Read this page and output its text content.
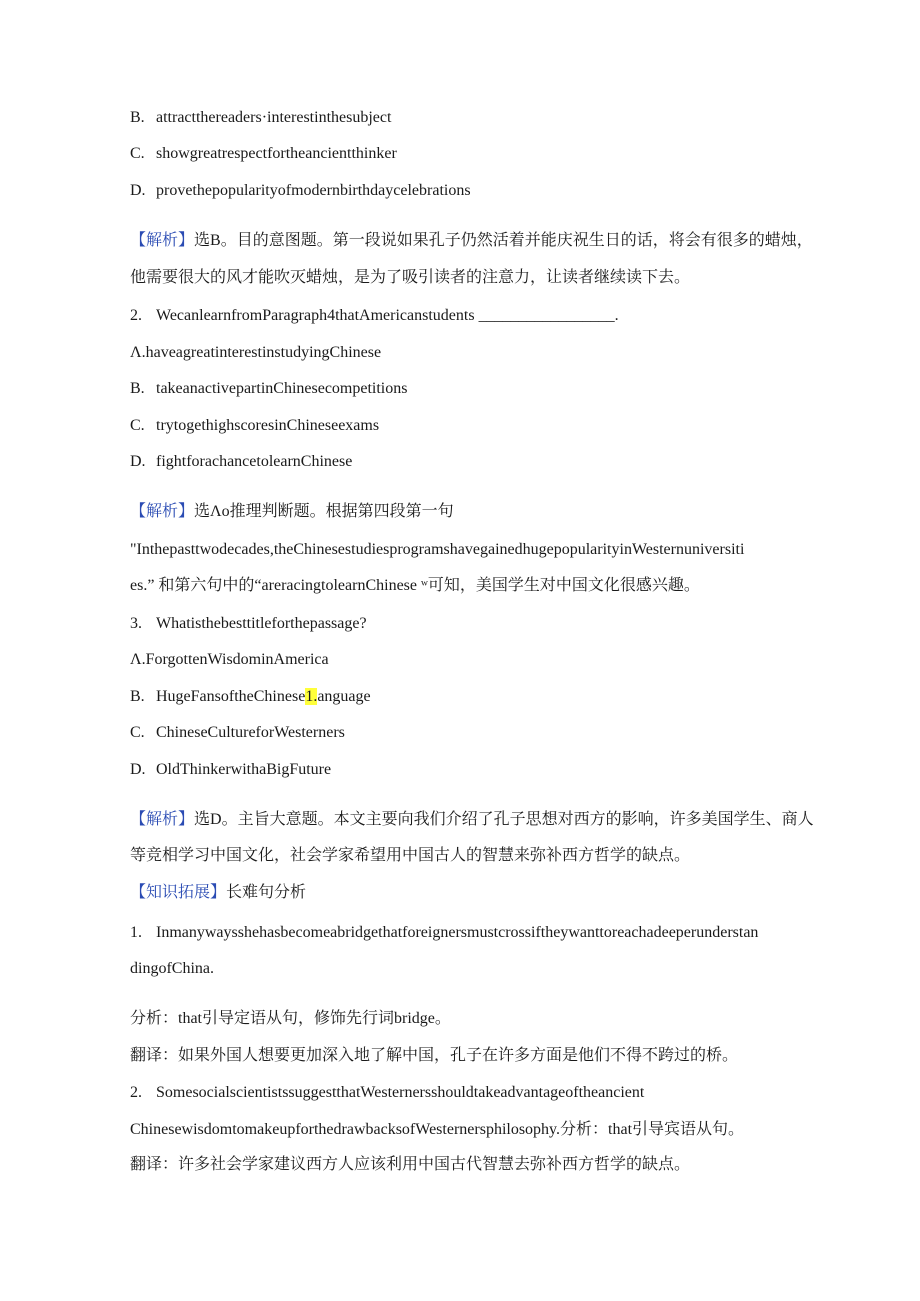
B. attractthereaders·interestinthesubject
C. showgreatrespectfortheancientthinker
D. provethepopularityofmodernbirthdaycelebrations
【解析】选B。目的意图题。第一段说如果孔子仍然活着并能庆祝生日的话，将会有很多的蜡烛，
他需要很大的风才能吹灭蜡烛，是为了吸引读者的注意力，让读者继续读下去。
2. WecanlearnfromParagraph4thatAmericanstudents _________________.
Λ.haveagreatinterestinstudyingChinese
B. takeanactivepartinChinesecompetitions
C. trytogethighscoresinChineseexams
D. fightforachancetolearnChinese
【解析】选Λo推理判断题。根据第四段第一句
"Inthepasttwodecades,theChinesestudiesprogramshavegainedhugepopularityinWesternuniversiti
es.” 和第六句中的“areracingtolearnChinese ʷ可知，美国学生对中国文化很感兴趣。
3. Whatisthebesttitleforthepassage?
Λ.ForgottenWisdominAmerica
B. HugeFansoftheChinese1.anguage
C. ChineseCultureforWesterners
D. OldThinkerwithaBigFuture
【解析】选D。主旨大意题。本文主要向我们介绍了孔子思想对西方的影响，许多美国学生、商人
等竞相学习中国文化，社会学家希望用中国古人的智慧来弥补西方哲学的缺点。
【知识拓展】长难句分析
1. Inmanywaysshehasbecomeabridgethatforeignersmustcrossiftheywanttoreachadeeperunderstan
dingofChina.
分析：that引导定语从句，修饰先行词bridge。
翻译：如果外国人想要更加深入地了解中国，孔子在许多方面是他们不得不跨过的桥。
2. SomesocialscientistssuggestthatWesternersshouldtakeadvantageoftheancient
ChinesewisdomtomakeupforthedrawbacksofWesternersphilosophy.分析：that引导宾语从句。
翻译：许多社会学家建议西方人应该利用中国古代智慧去弥补西方哲学的缺点。
